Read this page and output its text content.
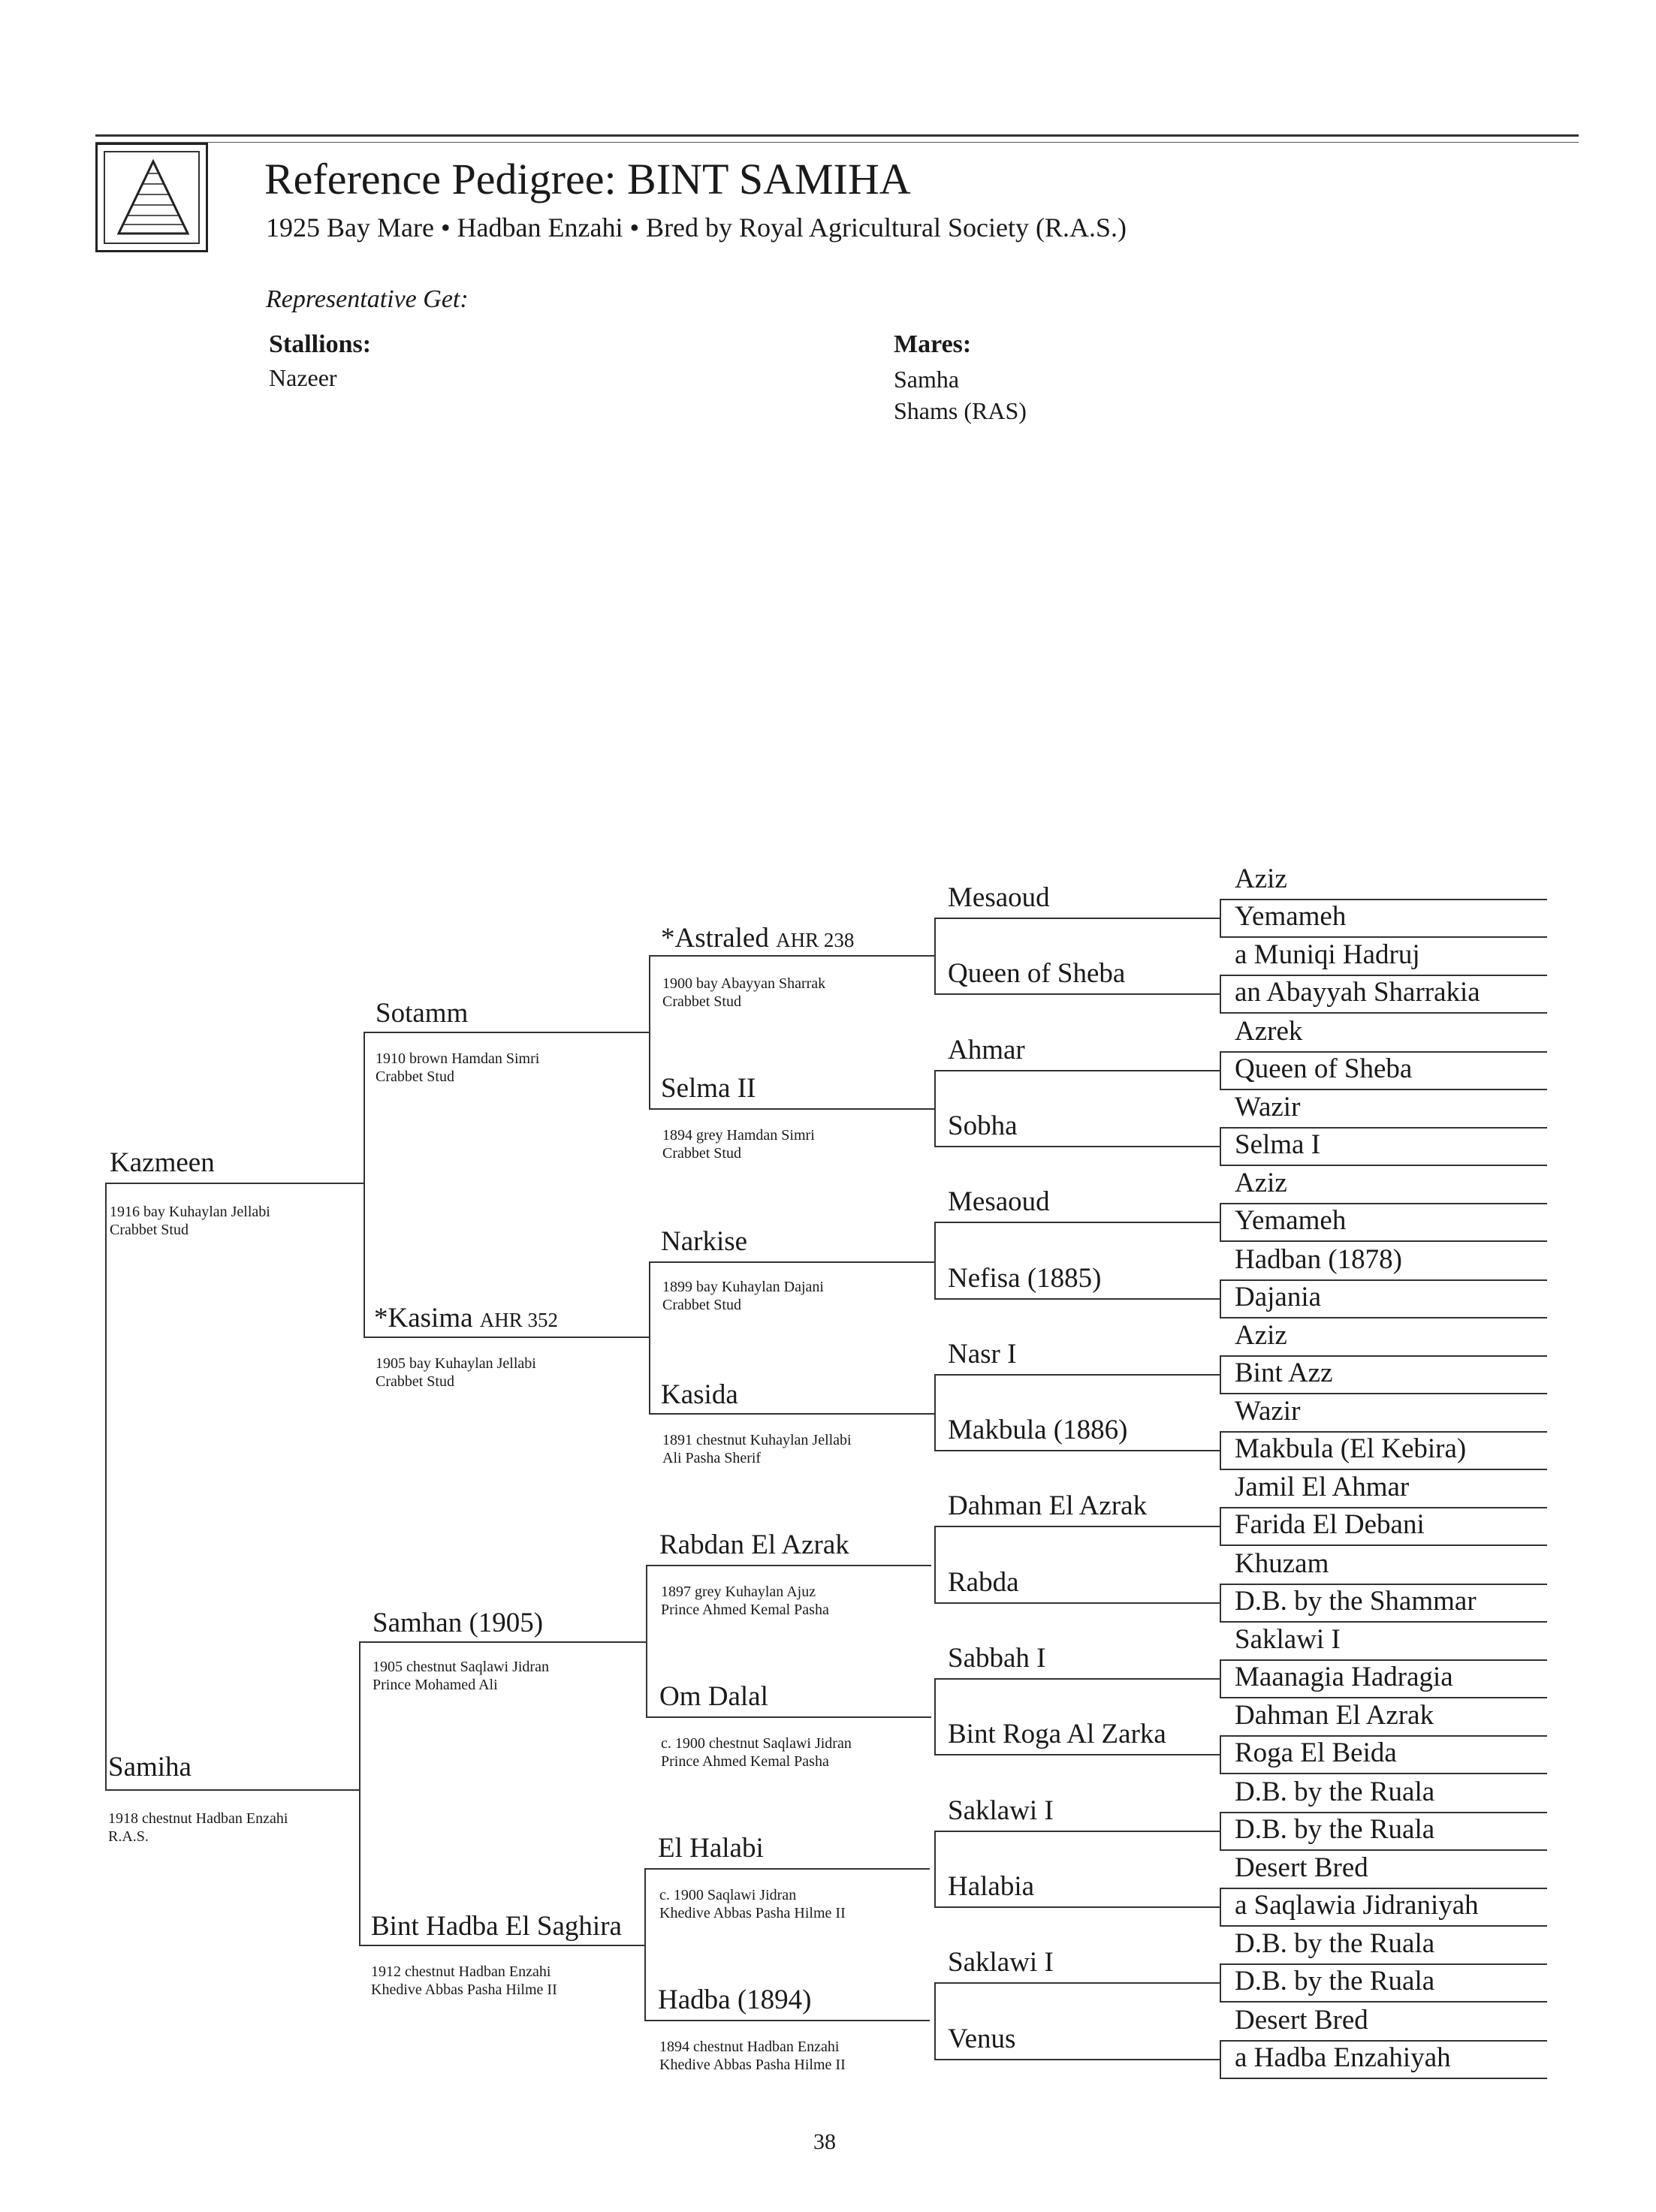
Reference Pedigree: BINT SAMIHA
1925 Bay Mare • Hadban Enzahi • Bred by Royal Agricultural Society (R.A.S.)
Representative Get:
Stallions:
Nazeer
Mares:
Samha
Shams (RAS)
Kazmeen
1916 bay Kuhaylan Jellabi
Crabbet Stud
Samiha
1918 chestnut Hadban Enzahi
R.A.S.
Sotamm
1910 brown Hamdan Simri
Crabbet Stud
*Kasima AHR 352
1905 bay Kuhaylan Jellabi
Crabbet Stud
Samhan (1905)
1905 chestnut Saqlawi Jidran
Prince Mohamed Ali
Bint Hadba El Saghira
1912 chestnut Hadban Enzahi
Khedive Abbas Pasha Hilme II
*Astraled AHR 238
1900 bay Abayyan Sharrak
Crabbet Stud
Selma II
1894 grey Hamdan Simri
Crabbet Stud
Narkise
1899 bay Kuhaylan Dajani
Crabbet Stud
Kasida
1891 chestnut Kuhaylan Jellabi
Ali Pasha Sherif
Rabdan El Azrak
1897 grey Kuhaylan Ajuz
Prince Ahmed Kemal Pasha
Om Dalal
c. 1900 chestnut Saqlawi Jidran
Prince Ahmed Kemal Pasha
El Halabi
c. 1900 Saqlawi Jidran
Khedive Abbas Pasha Hilme II
Hadba (1894)
1894 chestnut Hadban Enzahi
Khedive Abbas Pasha Hilme II
Mesaoud
Aziz
Yemameh
Queen of Sheba
a Muniqi Hadruj
an Abayyah Sharrakia
Ahmar
Azrek
Queen of Sheba
Sobha
Wazir
Selma I
Mesaoud
Aziz
Yemameh
Nefisa (1885)
Hadban (1878)
Dajania
Nasr I
Aziz
Bint Azz
Makbula (1886)
Wazir
Makbula (El Kebira)
Dahman El Azrak
Jamil El Ahmar
Farida El Debani
Rabda
Khuzam
D.B. by the Shammar
Sabbah I
Saklawi I
Maanagia Hadragia
Bint Roga Al Zarka
Dahman El Azrak
Roga El Beida
Saklawi I
D.B. by the Ruala
D.B. by the Ruala
Halabia
Desert Bred
a Saqlawia Jidraniyah
Saklawi I
D.B. by the Ruala
D.B. by the Ruala
Venus
Desert Bred
a Hadba Enzahiyah
38
